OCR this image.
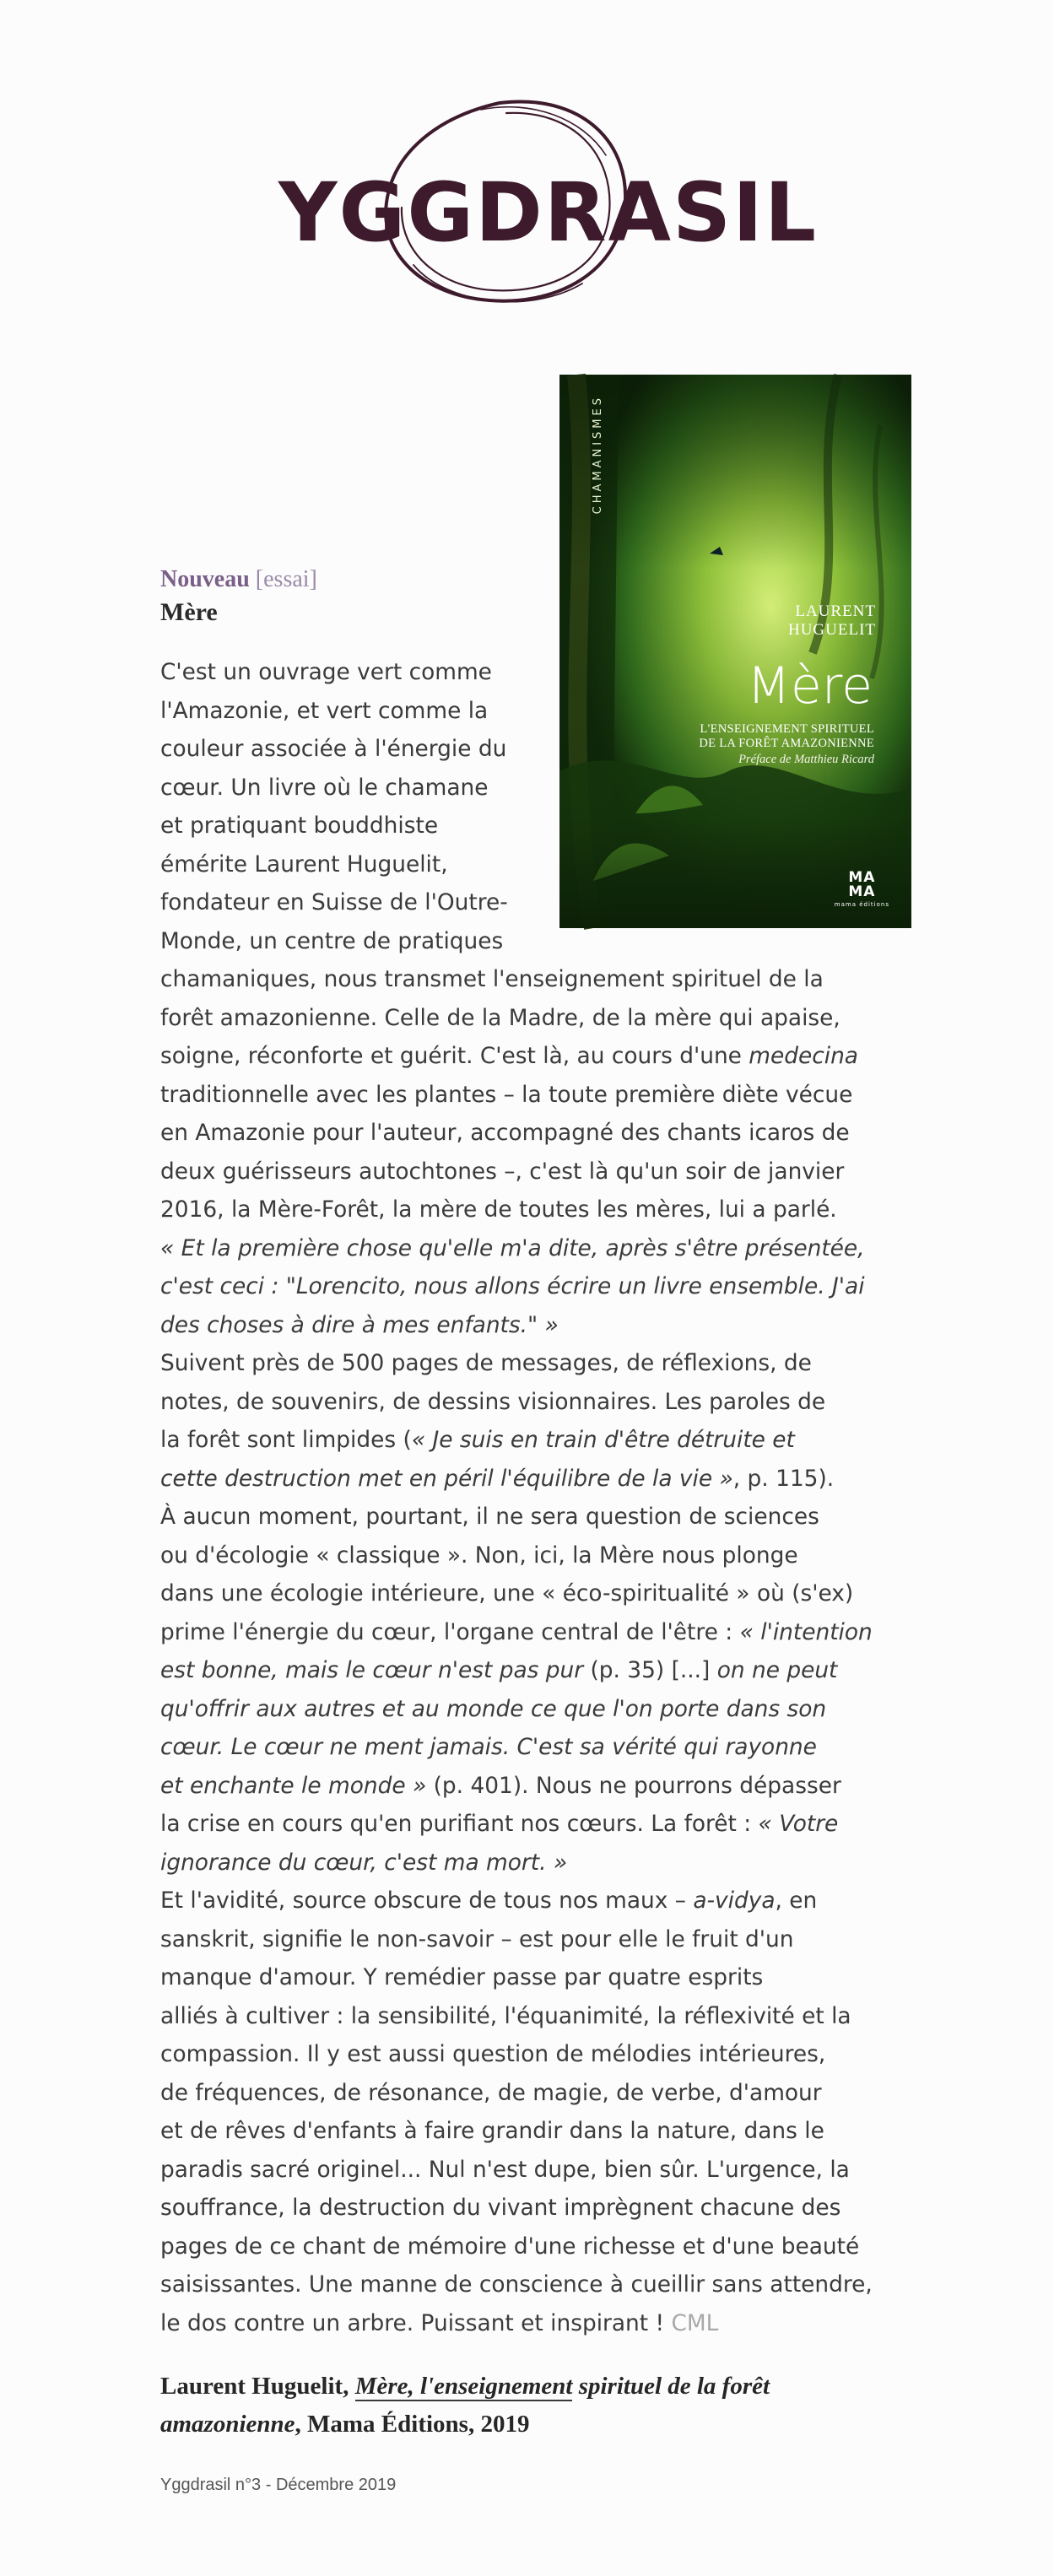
YGGDRASIL
CHAMANISMES
LAURENT
HUGUELIT
Mère
L'ENSEIGNEMENT SPIRITUEL
DE LA FORÊT AMAZONIENNE
Préface de Matthieu Ricard
MA
MA
mama éditions
Nouveau [essai]
Mère
C'est un ouvrage vert comme
l'Amazonie, et vert comme la
couleur associée à l'énergie du
cœur. Un livre où le chamane
et pratiquant bouddhiste
émérite Laurent Huguelit,
fondateur en Suisse de l'Outre-
Monde, un centre de pratiques
chamaniques, nous transmet l'enseignement spirituel de la
forêt amazonienne. Celle de la Madre, de la mère qui apaise,
soigne, réconforte et guérit. C'est là, au cours d'une medecina
traditionnelle avec les plantes – la toute première diète vécue
en Amazonie pour l'auteur, accompagné des chants icaros de
deux guérisseurs autochtones –, c'est là qu'un soir de janvier
2016, la Mère-Forêt, la mère de toutes les mères, lui a parlé.
« Et la première chose qu'elle m'a dite, après s'être présentée,
c'est ceci : "Lorencito, nous allons écrire un livre ensemble. J'ai
des choses à dire à mes enfants." »
Suivent près de 500 pages de messages, de réflexions, de
notes, de souvenirs, de dessins visionnaires. Les paroles de
la forêt sont limpides (« Je suis en train d'être détruite et
cette destruction met en péril l'équilibre de la vie », p. 115).
À aucun moment, pourtant, il ne sera question de sciences
ou d'écologie « classique ». Non, ici, la Mère nous plonge
dans une écologie intérieure, une « éco-spiritualité » où (s'ex)
prime l'énergie du cœur, l'organe central de l'être : « l'intention
est bonne, mais le cœur n'est pas pur (p. 35) [...] on ne peut
qu'offrir aux autres et au monde ce que l'on porte dans son
cœur. Le cœur ne ment jamais. C'est sa vérité qui rayonne
et enchante le monde » (p. 401). Nous ne pourrons dépasser
la crise en cours qu'en purifiant nos cœurs. La forêt : « Votre
ignorance du cœur, c'est ma mort. »
Et l'avidité, source obscure de tous nos maux – a-vidya, en
sanskrit, signifie le non-savoir – est pour elle le fruit d'un
manque d'amour. Y remédier passe par quatre esprits
alliés à cultiver : la sensibilité, l'équanimité, la réflexivité et la
compassion. Il y est aussi question de mélodies intérieures,
de fréquences, de résonance, de magie, de verbe, d'amour
et de rêves d'enfants à faire grandir dans la nature, dans le
paradis sacré originel... Nul n'est dupe, bien sûr. L'urgence, la
souffrance, la destruction du vivant imprègnent chacune des
pages de ce chant de mémoire d'une richesse et d'une beauté
saisissantes. Une manne de conscience à cueillir sans attendre,
le dos contre un arbre. Puissant et inspirant ! CML
Laurent Huguelit, Mère, l'enseignement spirituel de la forêt
amazonienne, Mama Éditions, 2019
Yggdrasil n°3 - Décembre 2019
